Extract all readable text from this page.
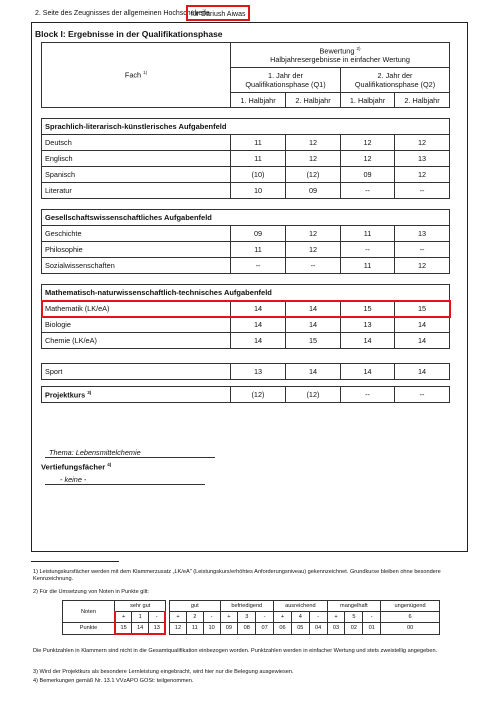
2. Seite des Zeugnisses der allgemeinen Hochschulreife
für Dariush Aiwas
Block I: Ergebnisse in der Qualifikationsphase
Fach $^{1)}$	Bewertung $^{2)}$
Halbjahresergebnisse in einfacher Wertung			
	1. Jahr der
Qualifikationsphase (Q1)		2. Jahr der
Qualifikationsphase (Q2)	
	1. Halbjahr	2. Halbjahr	1. Halbjahr	2. Halbjahr

Sprachlich-literarisch-künstlerisches Aufgabenfeld				
Deutsch	11	12	12	12
Englisch	11	12	12	13
Spanisch	(10)	(12)	09	12
Literatur	10	09	--	--

Gesellschaftswissenschaftliches Aufgabenfeld				
Geschichte	09	12	11	13
Philosophie	11	12	--	--
Sozialwissenschaften	--	--	11	12

Mathematisch-naturwissenschaftlich-technisches Aufgabenfeld				
Mathematik (LK/eA)	14	14	15	15
Biologie	14	14	13	14
Chemie (LK/eA)	14	15	14	14

Sport	13	14	14	14

Projektkurs $^{3)}$	(12)	(12)	--	--
Thema: Lebensmittelchemie
Vertiefungsfächer $^{4)}$
- keine -
1) Leistungskursfächer werden mit dem Klammerzusatz „LK/eA" (Leistungskurs/erhöhtes Anforderungsniveau) gekennzeichnet. Grundkurse bleiben ohne besondere Kennzeichnung.
2) Für die Umsetzung von Noten in Punkte gilt:
Noten	sehr gut				gut			befriedigend			ausreichend			mangelhaft			ungenügend
	+	1	-		+	2	-	+	3	-	+	4	-	+	5	-	6
Punkte	15	14	13		12	11	10	09	08	07	06	05	04	03	02	01	00
Die Punktzahlen in Klammern sind nicht in die Gesamtqualifikation einbezogen worden. Punktzahlen werden in einfacher Wertung und stets zweistellig angegeben.
3) Wird der Projektkurs als besondere Lernleistung eingebracht, wird hier nur die Belegung ausgewiesen.
4) Bemerkungen gemäß Nr. 13.1 VVzAPO GOSt: teilgenommen.
